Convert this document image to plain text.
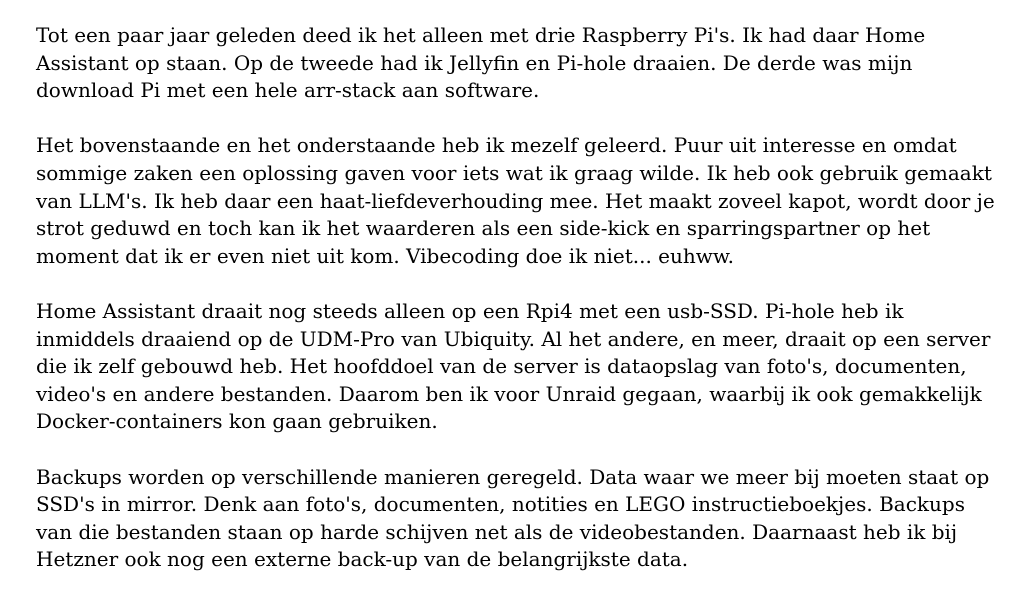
Tot een paar jaar geleden deed ik het alleen met drie Raspberry Pi's. Ik had daar Home Assistant op staan. Op de tweede had ik Jellyfin en Pi-hole draaien. De derde was mijn download Pi met een hele arr-stack aan software.

Het bovenstaande en het onderstaande heb ik mezelf geleerd. Puur uit interesse en omdat sommige zaken een oplossing gaven voor iets wat ik graag wilde. Ik heb ook gebruik gemaakt van LLM's. Ik heb daar een haat-liefdeverhouding mee. Het maakt zoveel kapot, wordt door je strot geduwd en toch kan ik het waarderen als een side-kick en sparringspartner op het moment dat ik er even niet uit kom. Vibecoding doe ik niet... euhww.

Home Assistant draait nog steeds alleen op een Rpi4 met een usb-SSD. Pi-hole heb ik inmiddels draaiend op de UDM-Pro van Ubiquity. Al het andere, en meer, draait op een server die ik zelf gebouwd heb. Het hoofddoel van de server is dataopslag van foto's, documenten, video's en andere bestanden. Daarom ben ik voor Unraid gegaan, waarbij ik ook gemakkelijk Docker-containers kon gaan gebruiken.

Backups worden op verschillende manieren geregeld. Data waar we meer bij moeten staat op SSD's in mirror. Denk aan foto's, documenten, notities en LEGO instructieboekjes. Backups van die bestanden staan op harde schijven net als de videobestanden. Daarnaast heb ik bij Hetzner ook nog een externe back-up van de belangrijkste data.
